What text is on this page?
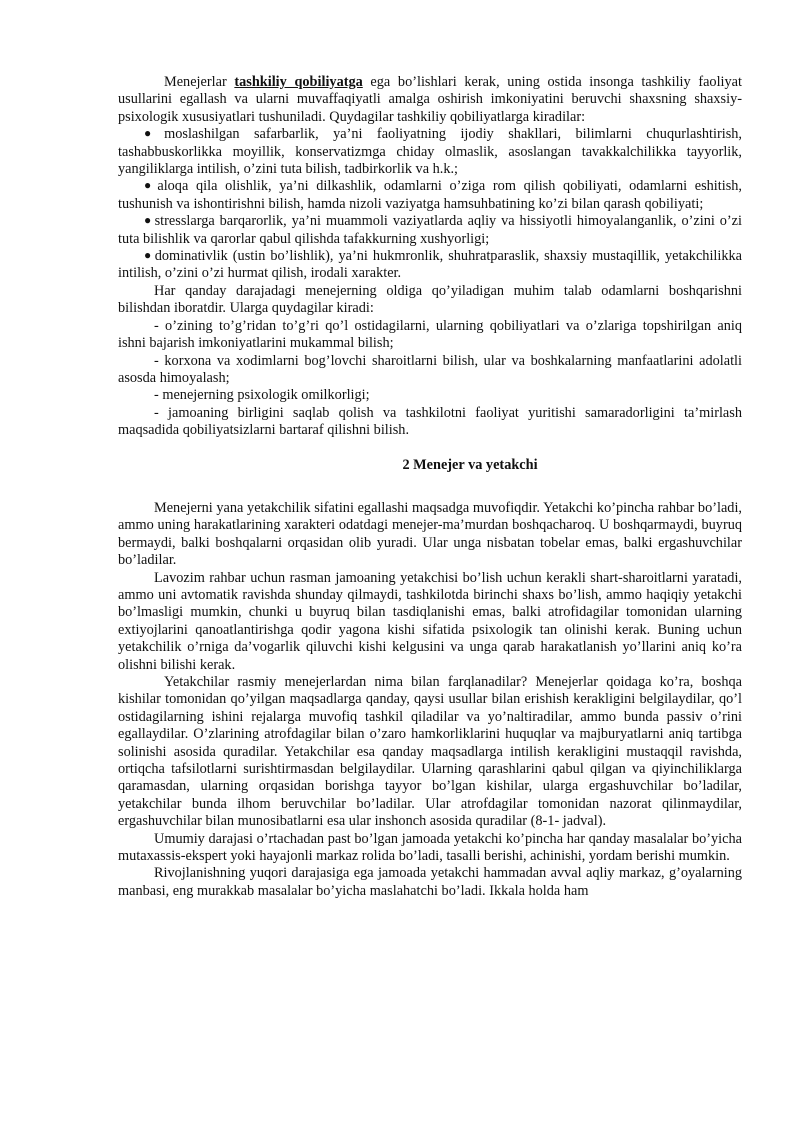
Menejerlar tashkiliy qobiliyatga ega bo’lishlari kerak, uning ostida insonga tashkiliy faoliyat usullarini egallash va ularni muvaffaqiyatli amalga oshirish imkoniyatini beruvchi shaxsning shaxsiy-psixologik xususiyatlari tushuniladi. Quydagilar tashkiliy qobiliyatlarga kiradilar:

● moslashilgan safarbarlik, ya’ni faoliyatning ijodiy shakllari, bilimlarni chuqurlashtirish, tashabbuskorlikka moyillik, konservatizmga chiday olmaslik, asoslangan tavakkalchilikka tayyorlik, yangiliklarga intilish, o’zini tuta bilish, tadbirkorlik va h.k.;

● aloqa qila olishlik, ya’ni dilkashlik, odamlarni o’ziga rom qilish qobiliyati, odamlarni eshitish, tushunish va ishontirishni bilish, hamda nizoli vaziyatga hamsuhbatining ko’zi bilan qarash qobiliyati;

● stresslarga barqarorlik, ya’ni muammoli vaziyatlarda aqliy va hissiyotli himoyalanganlik, o’zini o’zi tuta bilishlik va qarorlar qabul qilishda tafakkurning xushyorligi;

● dominativlik (ustin bo’lishlik), ya’ni hukmronlik, shuhratparaslik, shaxsiy mustaqillik, yetakchilikka intilish, o’zini o’zi hurmat qilish, irodali xarakter.

Har qanday darajadagi menejerning oldiga qo’yiladigan muhim talab odamlarni boshqarishni bilishdan iboratdir. Ularga quydagilar kiradi:

- o’zining to’g’ridan to’g’ri qo’l ostidagilarni, ularning qobiliyatlari va o’zlariga topshirilgan aniq ishni bajarish imkoniyatlarini mukammal bilish;

- korxona va xodimlarni bog’lovchi sharoitlarni bilish, ular va boshkalarning manfaatlarini adolatli asosda himoyalash;

- menejerning psixologik omilkorligi;

- jamoaning birligini saqlab qolish va tashkilotni faoliyat yuritishi samaradorligini ta’mirlash maqsadida qobiliyatsizlarni bartaraf qilishni bilish.

2 Menejer va yetakchi

Menejerni yana yetakchilik sifatini egallashi maqsadga muvofiqdir. Yetakchi ko’pincha rahbar bo’ladi, ammo uning harakatlarining xarakteri odatdagi menejer-ma’murdan boshqacharoq. U boshqarmaydi, buyruq bermaydi, balki boshqalarni orqasidan olib yuradi. Ular unga nisbatan tobelar emas, balki ergashuvchilar bo’ladilar.

Lavozim rahbar uchun rasman jamoaning yetakchisi bo’lish uchun kerakli shart-sharoitlarni yaratadi, ammo uni avtomatik ravishda shunday qilmaydi, tashkilotda birinchi shaxs bo’lish, ammo haqiqiy yetakchi bo’lmasligi mumkin, chunki u buyruq bilan tasdiqlanishi emas, balki atrofidagilar tomonidan ularning extiyojlarini qanoatlantirishga qodir yagona kishi sifatida psixologik tan olinishi kerak. Buning uchun yetakchilik o’rniga da’vogarlik qiluvchi kishi kelgusini va unga qarab harakatlanish yo’llarini aniq ko’ra olishni bilishi kerak.

Yetakchilar rasmiy menejerlardan nima bilan farqlanadilar? Menejerlar qoidaga ko’ra, boshqa kishilar tomonidan qo’yilgan maqsadlarga qanday, qaysi usullar bilan erishish kerakligini belgilaydilar, qo’l ostidagilarning ishini rejalarga muvofiq tashkil qiladilar va yo’naltiradilar, ammo bunda passiv o’rini egallaydilar. O’zlarining atrofdagilar bilan o’zaro hamkorliklarini huquqlar va majburyatlarni aniq tartibga solinishi asosida quradilar. Yetakchilar esa qanday maqsadlarga intilish kerakligini mustaqqil ravishda, ortiqcha tafsilotlarni surishtirmasdan belgilaydilar. Ularning qarashlarini qabul qilgan va qiyinchiliklarga qaramasdan, ularning orqasidan borishga tayyor bo’lgan kishilar, ularga ergashuvchilar bo’ladilar, yetakchilar bunda ilhom beruvchilar bo’ladilar. Ular atrofdagilar tomonidan nazorat qilinmaydilar, ergashuvchilar bilan munosibatlarni esa ular inshonch asosida quradilar (8-1- jadval).

Umumiy darajasi o’rtachadan past bo’lgan jamoada yetakchi ko’pincha har qanday masalalar bo’yicha mutaxassis-ekspert yoki hayajonli markaz rolida bo’ladi, tasalli berishi, achinishi, yordam berishi mumkin.

Rivojlanishning yuqori darajasiga ega jamoada yetakchi hammadan avval aqliy markaz, g’oyalarning manbasi, eng murakkab masalalar bo’yicha maslahatchi bo’ladi. Ikkala holda ham
